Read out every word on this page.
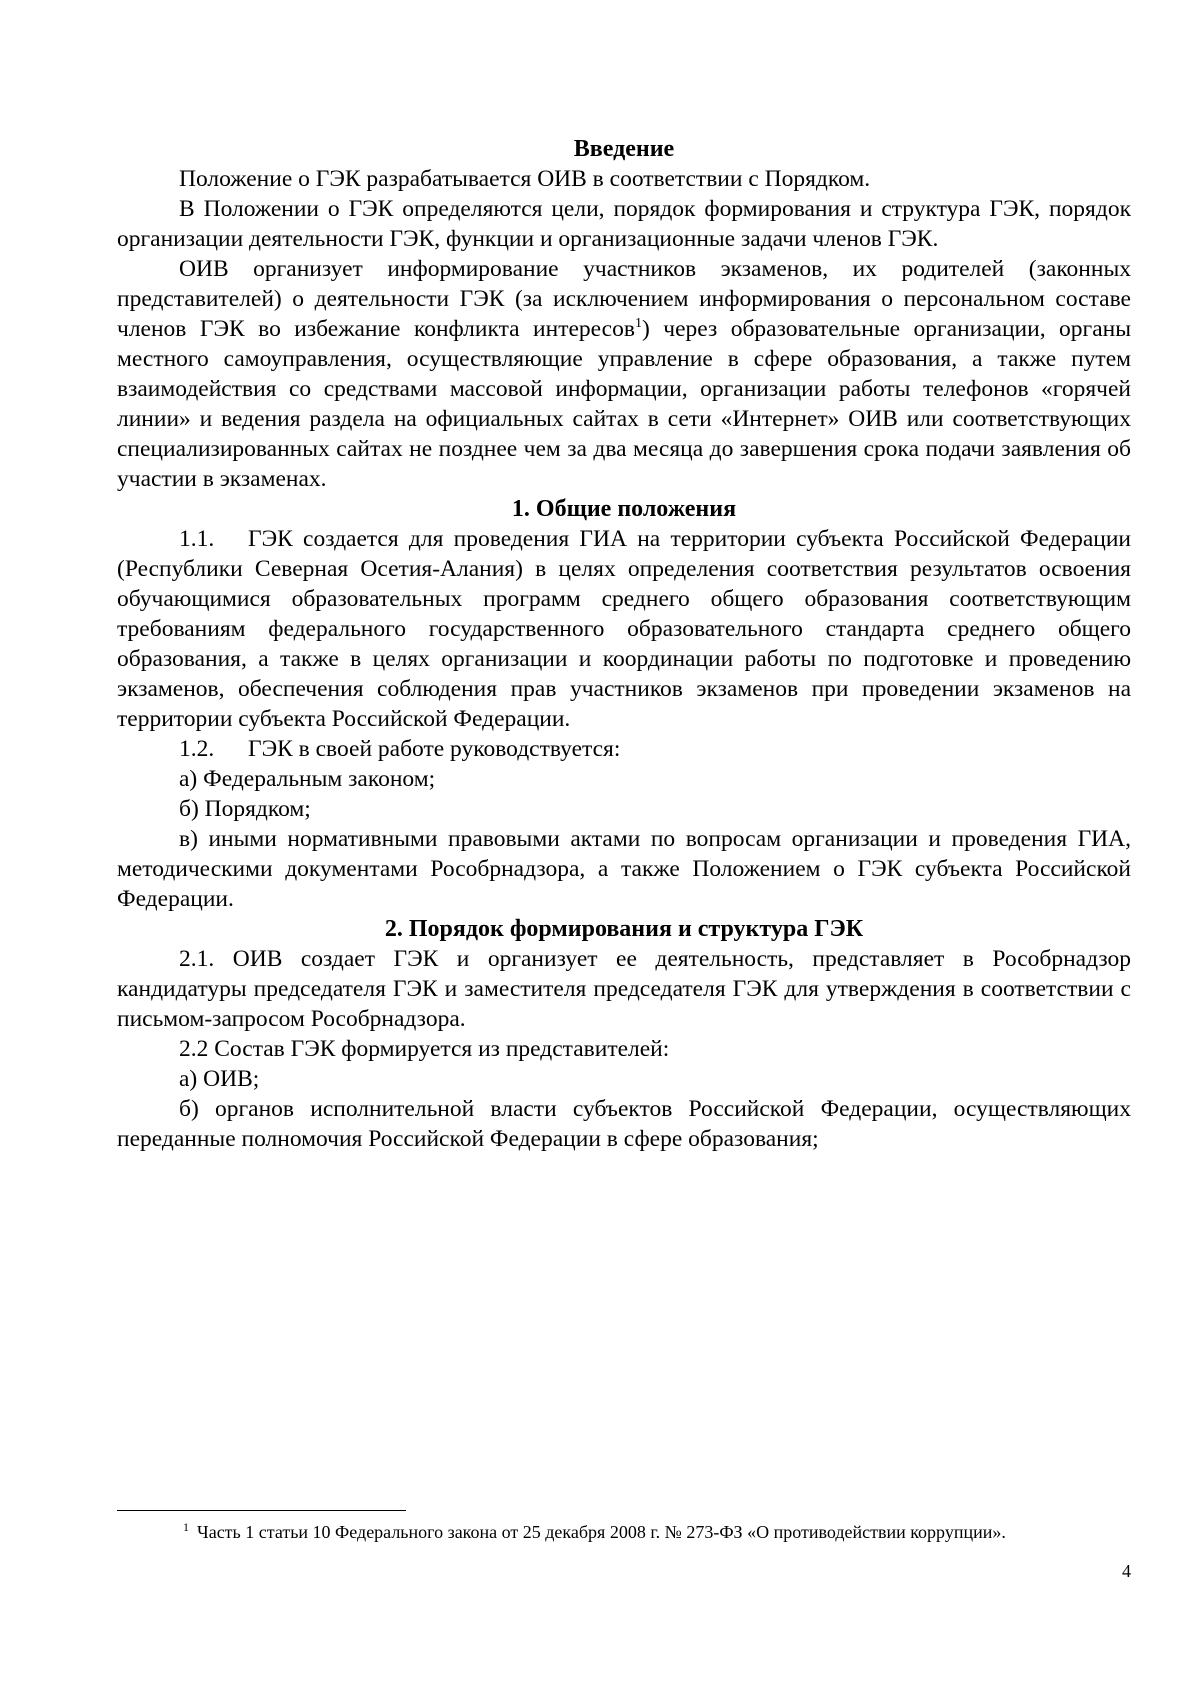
Введение

Положение о ГЭК разрабатывается ОИВ в соответствии с Порядком.

В Положении о ГЭК определяются цели, порядок формирования и структура ГЭК, порядок организации деятельности ГЭК, функции и организационные задачи членов ГЭК.

ОИВ организует информирование участников экзаменов, их родителей (законных представителей) о деятельности ГЭК (за исключением информирования о персональном составе членов ГЭК во избежание конфликта интересов$^1$) через образовательные организации, органы местного самоуправления, осуществляющие управление в сфере образования, а также путем взаимодействия со средствами массовой информации, организации работы телефонов «горячей линии» и ведения раздела на официальных сайтах в сети «Интернет» ОИВ или соответствующих специализированных сайтах не позднее чем за два месяца до завершения срока подачи заявления об участии в экзаменах.

1. Общие положения

1.1. ГЭК создается для проведения ГИА на территории субъекта Российской Федерации (Республики Северная Осетия-Алания) в целях определения соответствия результатов освоения обучающимися образовательных программ среднего общего образования соответствующим требованиям федерального государственного образовательного стандарта среднего общего образования, а также в целях организации и координации работы по подготовке и проведению экзаменов, обеспечения соблюдения прав участников экзаменов при проведении экзаменов на территории субъекта Российской Федерации.

1.2. ГЭК в своей работе руководствуется:

а) Федеральным законом;

б) Порядком;

в) иными нормативными правовыми актами по вопросам организации и проведения ГИА, методическими документами Рособрнадзора, а также Положением о ГЭК субъекта Российской Федерации.

2. Порядок формирования и структура ГЭК

2.1. ОИВ создает ГЭК и организует ее деятельность, представляет в Рособрнадзор кандидатуры председателя ГЭК и заместителя председателя ГЭК для утверждения в соответствии с письмом-запросом Рособрнадзора.

2.2 Состав ГЭК формируется из представителей:

а) ОИВ;

б) органов исполнительной власти субъектов Российской Федерации, осуществляющих переданные полномочия Российской Федерации в сфере образования;

$^1$ Часть 1 статьи 10 Федерального закона от 25 декабря 2008 г. № 273-ФЗ «О противодействии коррупции».
4
